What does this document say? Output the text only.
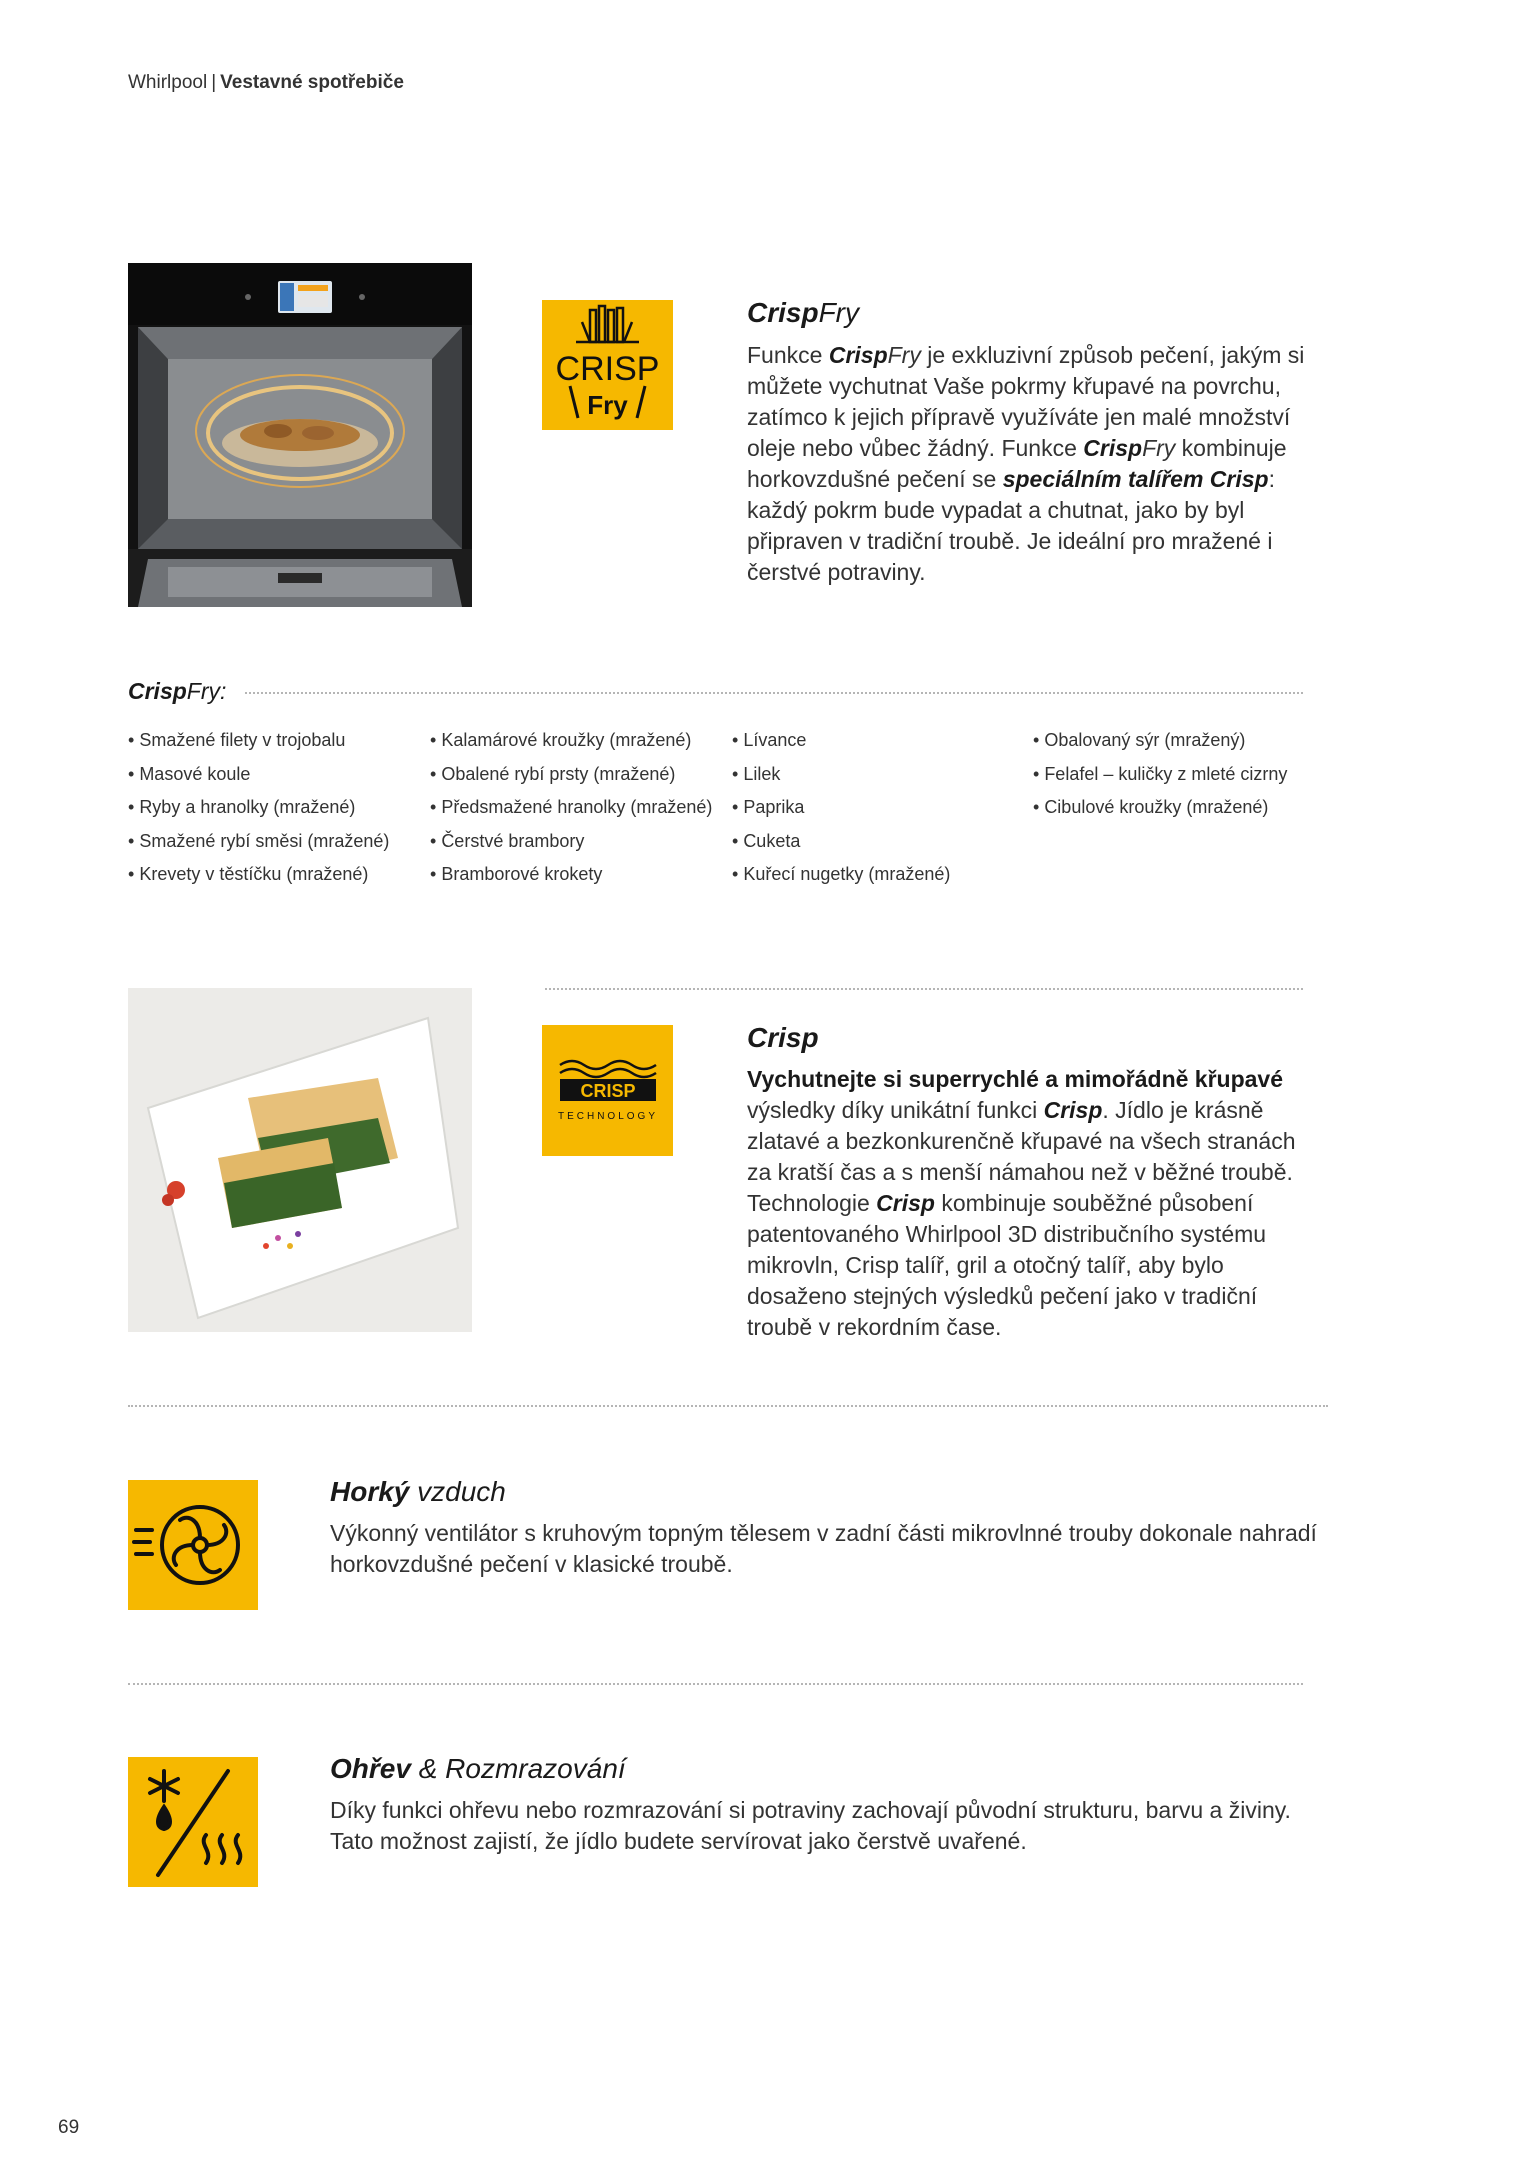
Whirlpool | Vestavné spotřebiče
CRISP
Fry
CrispFry
Funkce CrispFry je exkluzivní způsob pečení, jakým si můžete vychutnat Vaše pokrmy křupavé na povrchu, zatímco k jejich přípravě využíváte jen malé množství oleje nebo vůbec žádný. Funkce CrispFry kombinuje horkovzdušné pečení se speciálním talířem Crisp: každý pokrm bude vypadat a chutnat, jako by byl připraven v tradiční troubě. Je ideální pro mražené i čerstvé potraviny.
CrispFry:
• Smažené filety v trojobalu
• Masové koule
• Ryby a hranolky (mražené)
• Smažené rybí směsi (mražené)
• Krevety v těstíčku (mražené)
• Kalamárové kroužky (mražené)
• Obalené rybí prsty (mražené)
• Předsmažené hranolky (mražené)
• Čerstvé brambory
• Bramborové krokety
• Lívance
• Lilek
• Paprika
• Cuketa
• Kuřecí nugetky (mražené)
• Obalovaný sýr (mražený)
• Felafel – kuličky z mleté cizrny
• Cibulové kroužky (mražené)
CRISP
TECHNOLOGY
Crisp
Vychutnejte si superrychlé a mimořádně křupavé výsledky díky unikátní funkci Crisp. Jídlo je krásně zlatavé a bezkonkurenčně křupavé na všech stranách za kratší čas a s menší námahou než v běžné troubě. Technologie Crisp kombinuje souběžné působení patentovaného Whirlpool 3D distribučního systému mikrovln, Crisp talíř, gril a otočný talíř, aby bylo dosaženo stejných výsledků pečení jako v tradiční troubě v rekordním čase.
Horký vzduch
Výkonný ventilátor s kruhovým topným tělesem v zadní části mikrovlnné trouby dokonale nahradí horkovzdušné pečení v klasické troubě.
Ohřev & Rozmrazování
Díky funkci ohřevu nebo rozmrazování si potraviny zachovají původní strukturu, barvu a živiny. Tato možnost zajistí, že jídlo budete servírovat jako čerstvě uvařené.
69
